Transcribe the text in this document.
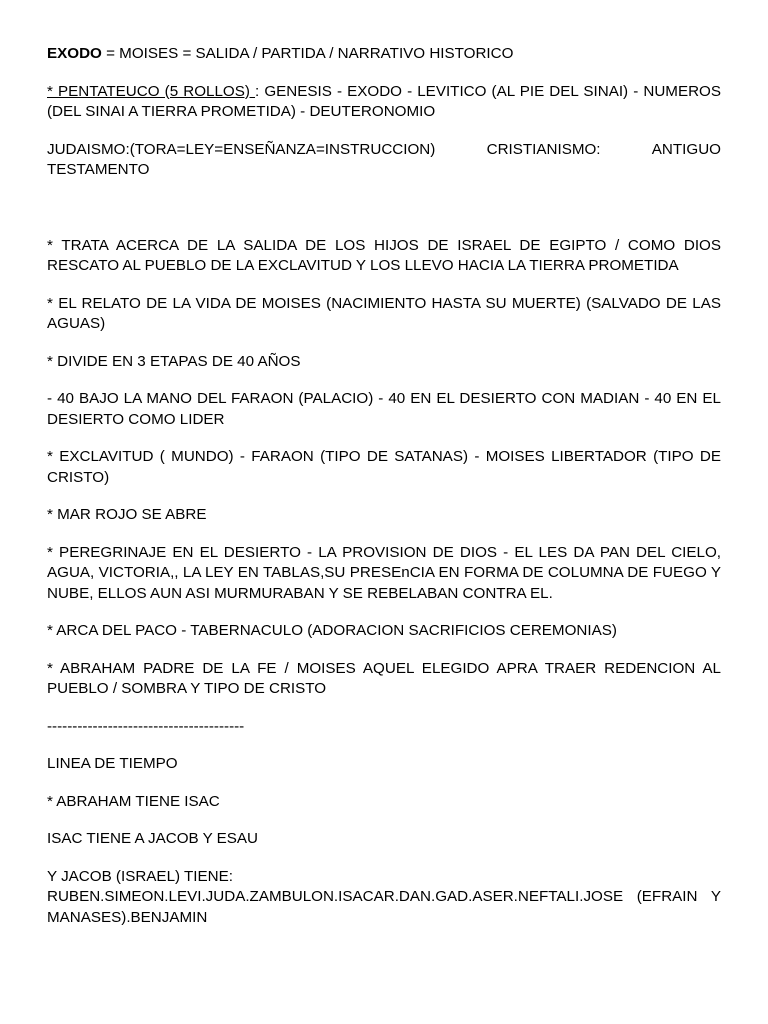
EXODO = MOISES = SALIDA / PARTIDA / NARRATIVO HISTORICO

* PENTATEUCO (5 ROLLOS) : GENESIS - EXODO - LEVITICO (AL PIE DEL SINAI) - NUMEROS (DEL SINAI A TIERRA PROMETIDA) - DEUTERONOMIO

JUDAISMO:(TORA=LEY=ENSEÑANZA=INSTRUCCION)	CRISTIANISMO:	ANTIGUO
TESTAMENTO

* TRATA ACERCA DE LA SALIDA DE LOS HIJOS DE ISRAEL DE EGIPTO / COMO DIOS RESCATO AL PUEBLO DE LA EXCLAVITUD Y LOS LLEVO HACIA LA TIERRA PROMETIDA

* EL RELATO DE LA VIDA DE MOISES (NACIMIENTO HASTA SU MUERTE) (SALVADO DE LAS AGUAS)

* DIVIDE EN 3 ETAPAS DE 40 AÑOS

- 40 BAJO LA MANO DEL FARAON (PALACIO) - 40 EN EL DESIERTO CON MADIAN - 40 EN EL DESIERTO COMO LIDER

* EXCLAVITUD ( MUNDO) - FARAON (TIPO DE SATANAS) - MOISES LIBERTADOR (TIPO DE CRISTO)

* MAR ROJO SE ABRE

* PEREGRINAJE EN EL DESIERTO - LA PROVISION DE DIOS - EL LES DA PAN DEL CIELO, AGUA, VICTORIA,, LA LEY EN TABLAS,SU PRESEnCIA EN FORMA DE COLUMNA DE FUEGO Y NUBE, ELLOS AUN ASI MURMURABAN Y SE REBELABAN CONTRA EL.

* ARCA DEL PACO - TABERNACULO (ADORACION SACRIFICIOS CEREMONIAS)

* ABRAHAM PADRE DE LA FE / MOISES AQUEL ELEGIDO APRA TRAER REDENCION AL PUEBLO / SOMBRA Y TIPO DE CRISTO

---------------------------------------

LINEA DE TIEMPO

* ABRAHAM TIENE ISAC

ISAC TIENE A JACOB Y ESAU

Y JACOB (ISRAEL) TIENE:
RUBEN.SIMEON.LEVI.JUDA.ZAMBULON.ISACAR.DAN.GAD.ASER.NEFTALI.JOSE (EFRAIN Y MANASES).BENJAMIN
